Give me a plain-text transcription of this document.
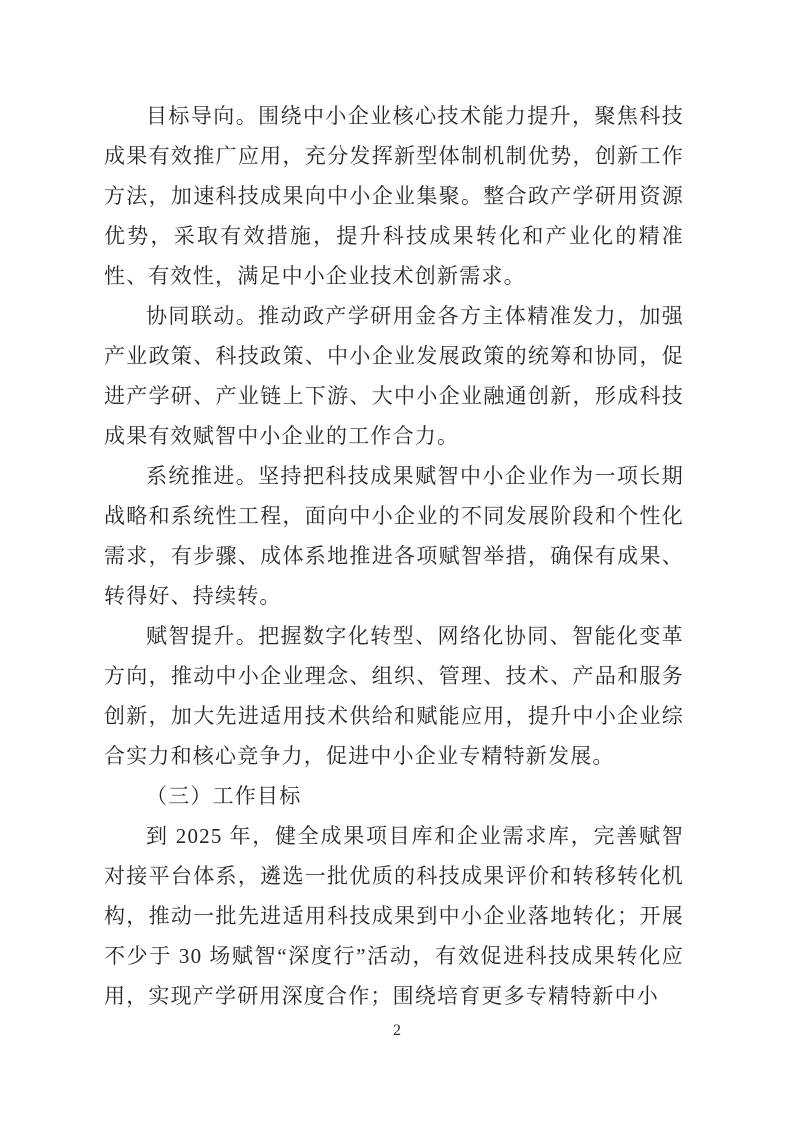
目标导向。围绕中小企业核心技术能力提升，聚焦科技成果有效推广应用，充分发挥新型体制机制优势，创新工作方法，加速科技成果向中小企业集聚。整合政产学研用资源优势，采取有效措施，提升科技成果转化和产业化的精准性、有效性，满足中小企业技术创新需求。

协同联动。推动政产学研用金各方主体精准发力，加强产业政策、科技政策、中小企业发展政策的统筹和协同，促进产学研、产业链上下游、大中小企业融通创新，形成科技成果有效赋智中小企业的工作合力。

系统推进。坚持把科技成果赋智中小企业作为一项长期战略和系统性工程，面向中小企业的不同发展阶段和个性化需求，有步骤、成体系地推进各项赋智举措，确保有成果、转得好、持续转。

赋智提升。把握数字化转型、网络化协同、智能化变革方向，推动中小企业理念、组织、管理、技术、产品和服务创新，加大先进适用技术供给和赋能应用，提升中小企业综合实力和核心竞争力，促进中小企业专精特新发展。

（三）工作目标

到 2025 年，健全成果项目库和企业需求库，完善赋智对接平台体系，遴选一批优质的科技成果评价和转移转化机构，推动一批先进适用科技成果到中小企业落地转化；开展不少于 30 场赋智“深度行”活动，有效促进科技成果转化应用，实现产学研用深度合作；围绕培育更多专精特新中小

2
